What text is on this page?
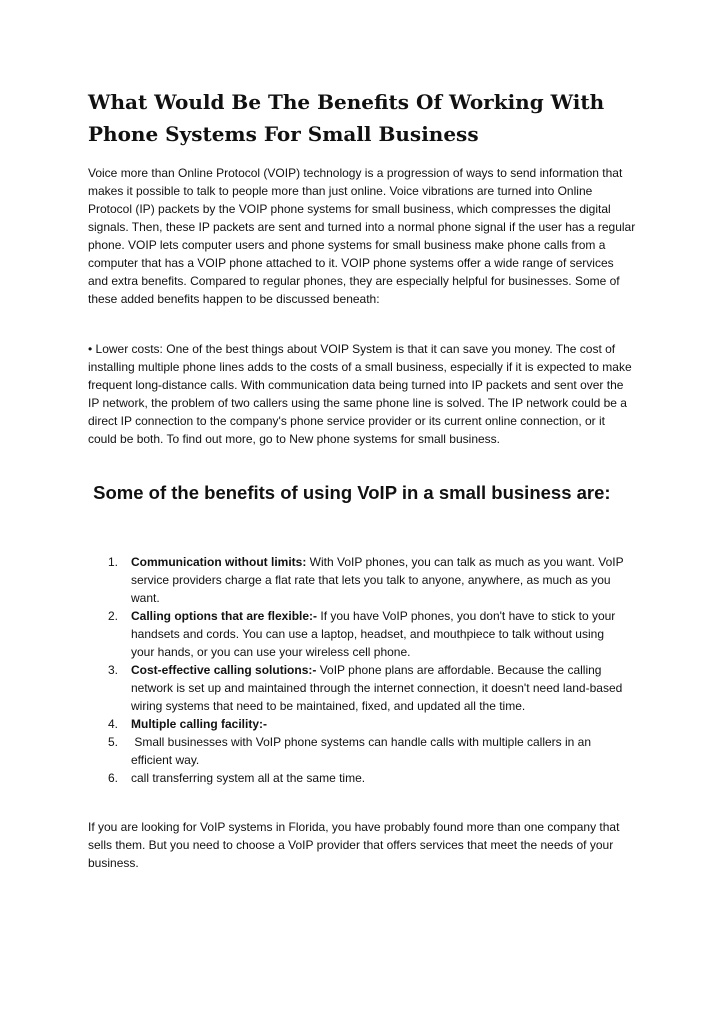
What Would Be The Benefits Of Working With Phone Systems For Small Business

Voice more than Online Protocol (VOIP) technology is a progression of ways to send information that makes it possible to talk to people more than just online. Voice vibrations are turned into Online Protocol (IP) packets by the VOIP phone systems for small business, which compresses the digital signals. Then, these IP packets are sent and turned into a normal phone signal if the user has a regular phone. VOIP lets computer users and phone systems for small business make phone calls from a computer that has a VOIP phone attached to it. VOIP phone systems offer a wide range of services and extra benefits. Compared to regular phones, they are especially helpful for businesses. Some of these added benefits happen to be discussed beneath:

• Lower costs: One of the best things about VOIP System is that it can save you money. The cost of installing multiple phone lines adds to the costs of a small business, especially if it is expected to make frequent long-distance calls. With communication data being turned into IP packets and sent over the IP network, the problem of two callers using the same phone line is solved. The IP network could be a direct IP connection to the company's phone service provider or its current online connection, or it could be both. To find out more, go to New phone systems for small business.

Some of the benefits of using VoIP in a small business are:
1. Communication without limits: With VoIP phones, you can talk as much as you want. VoIP service providers charge a flat rate that lets you talk to anyone, anywhere, as much as you want.
2. Calling options that are flexible:- If you have VoIP phones, you don't have to stick to your handsets and cords. You can use a laptop, headset, and mouthpiece to talk without using your hands, or you can use your wireless cell phone.
3. Cost-effective calling solutions:- VoIP phone plans are affordable. Because the calling network is set up and maintained through the internet connection, it doesn't need land-based wiring systems that need to be maintained, fixed, and updated all the time.
4. Multiple calling facility:-
5. Small businesses with VoIP phone systems can handle calls with multiple callers in an efficient way.
6. call transferring system all at the same time.

If you are looking for VoIP systems in Florida, you have probably found more than one company that sells them. But you need to choose a VoIP provider that offers services that meet the needs of your business.
